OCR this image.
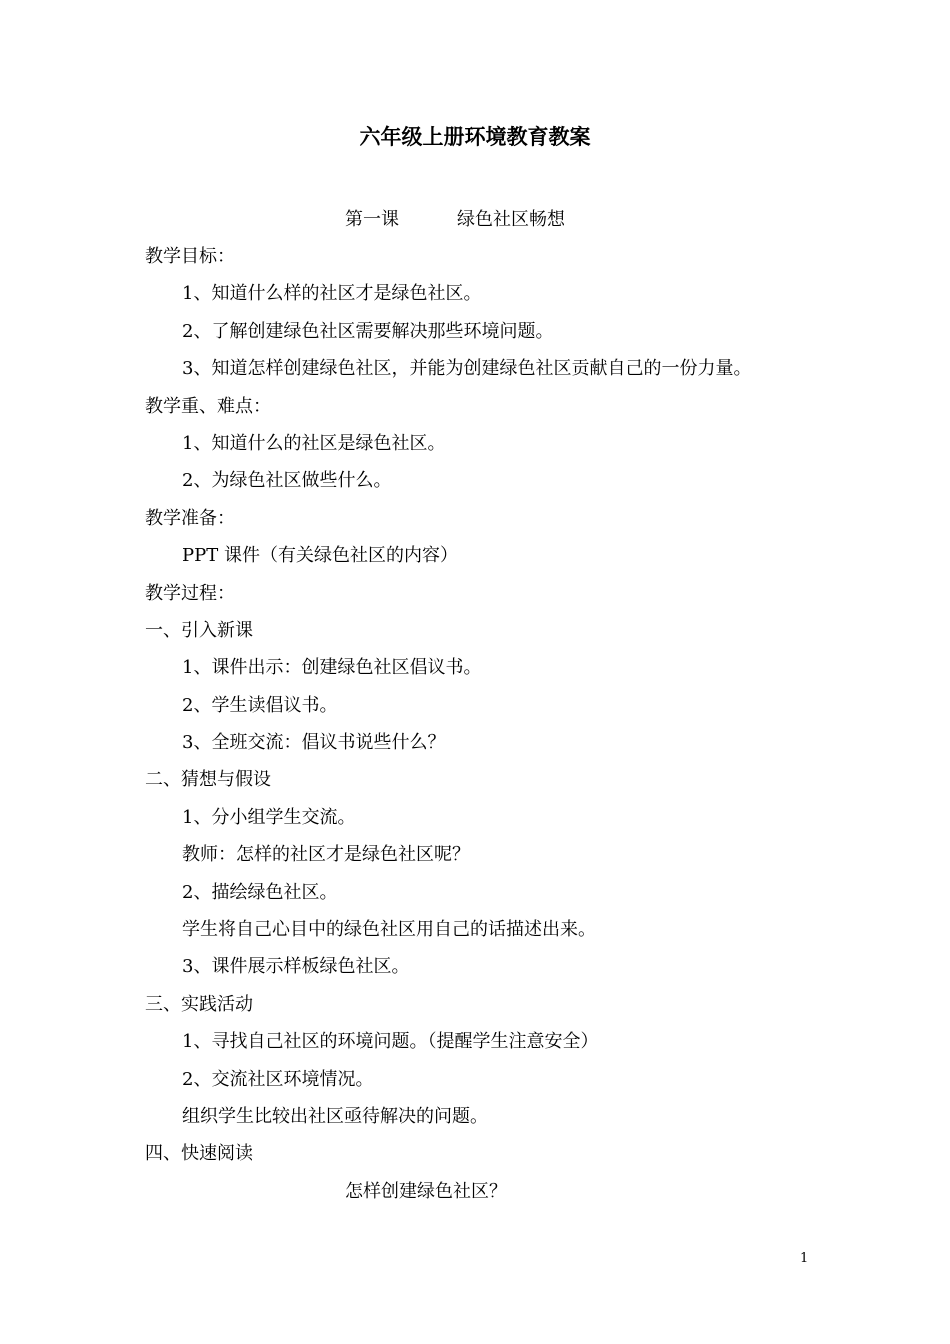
六年级上册环境教育教案
第一课	绿色社区畅想
教学目标：
1、知道什么样的社区才是绿色社区。
2、了解创建绿色社区需要解决那些环境问题。
3、知道怎样创建绿色社区，并能为创建绿色社区贡献自己的一份力量。
教学重、难点：
1、知道什么的社区是绿色社区。
2、为绿色社区做些什么。
教学准备：
PPT 课件（有关绿色社区的内容）
教学过程：
一、引入新课
1、课件出示：创建绿色社区倡议书。
2、学生读倡议书。
3、全班交流：倡议书说些什么？
二、猜想与假设
1、分小组学生交流。
教师：怎样的社区才是绿色社区呢？
2、描绘绿色社区。
学生将自己心目中的绿色社区用自己的话描述出来。
3、课件展示样板绿色社区。
三、实践活动
1、寻找自己社区的环境问题。（提醒学生注意安全）
2、交流社区环境情况。
组织学生比较出社区亟待解决的问题。
四、快速阅读
怎样创建绿色社区？
1
